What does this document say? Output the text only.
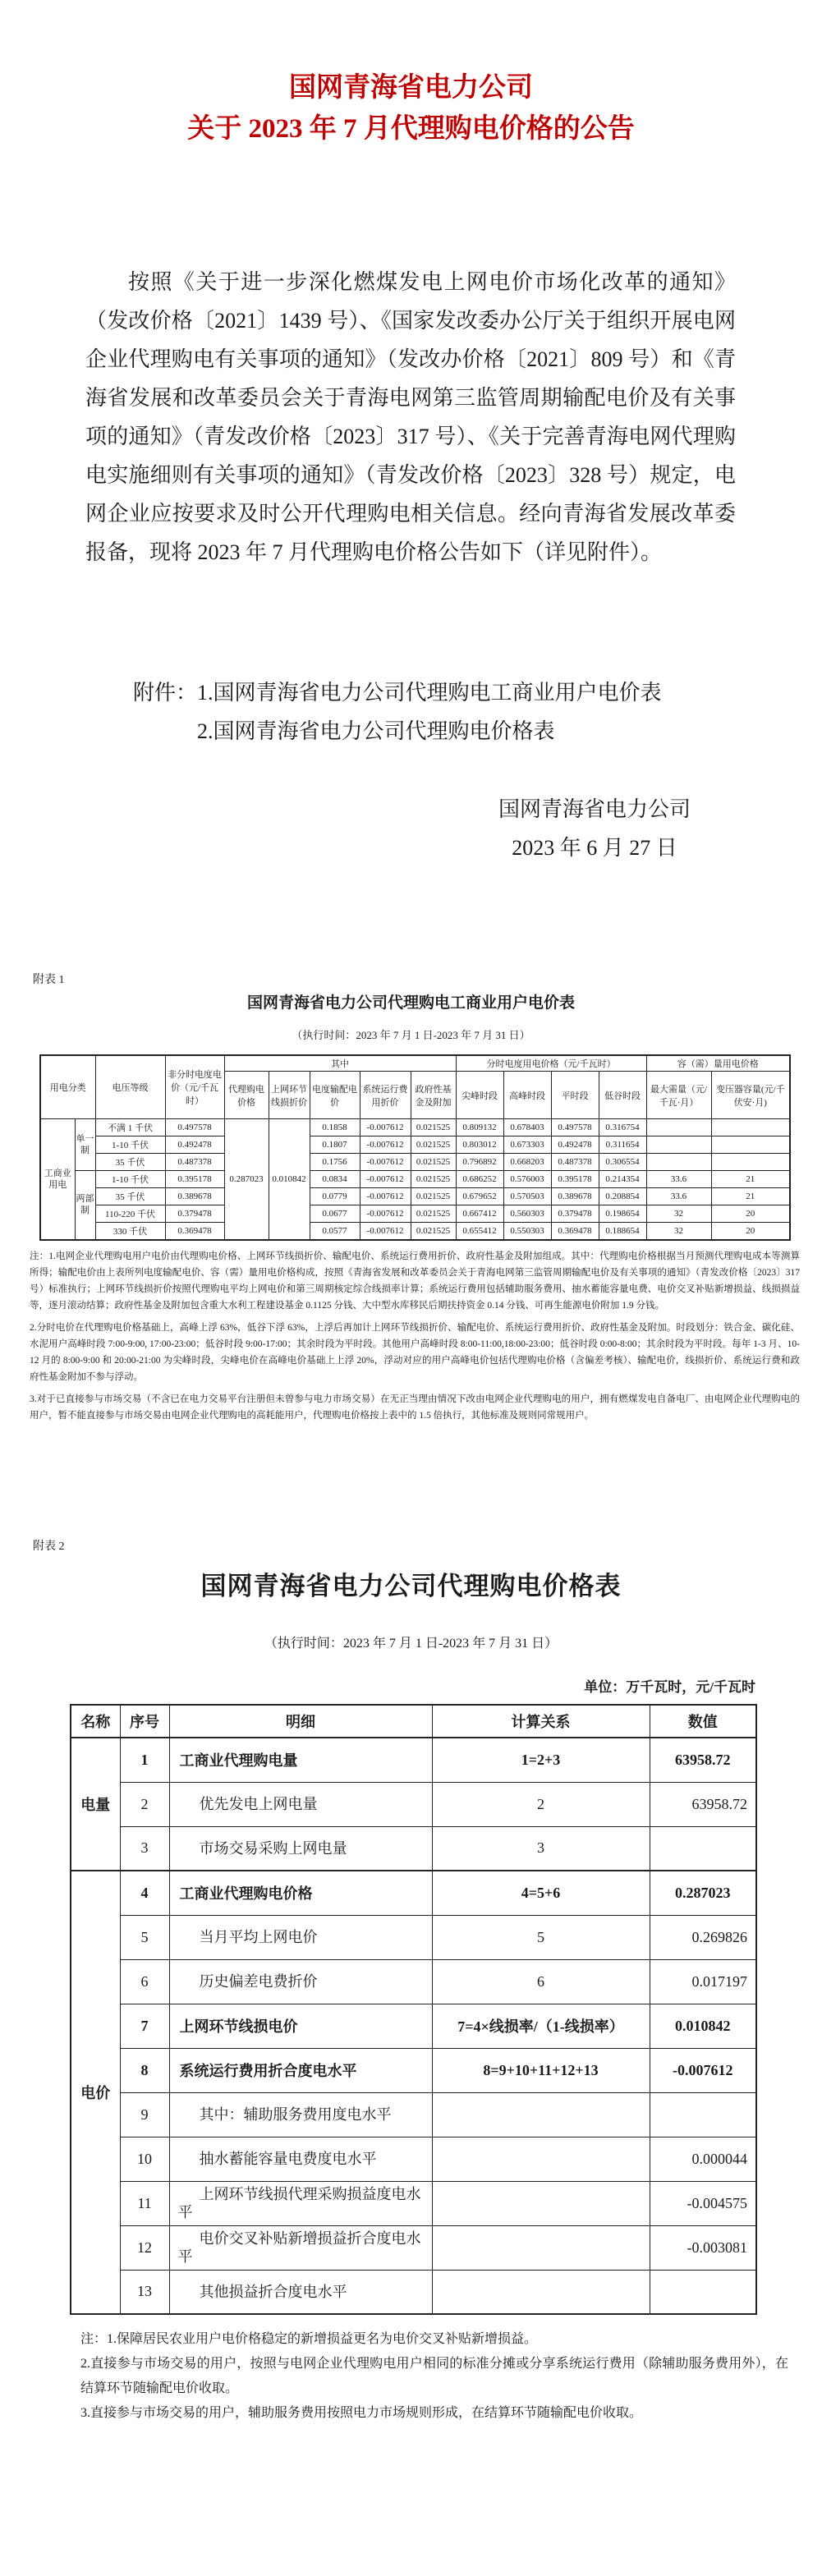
国网青海省电力公司
关于 2023 年 7 月代理购电价格的公告
按照《关于进一步深化燃煤发电上网电价市场化改革的通知》（发改价格〔2021〕1439 号）、《国家发改委办公厅关于组织开展电网企业代理购电有关事项的通知》（发改办价格〔2021〕809 号）和《青海省发展和改革委员会关于青海电网第三监管周期输配电价及有关事项的通知》（青发改价格〔2023〕317 号）、《关于完善青海电网代理购电实施细则有关事项的通知》（青发改价格〔2023〕328 号）规定，电网企业应按要求及时公开代理购电相关信息。经向青海省发展改革委报备，现将 2023 年 7 月代理购电价格公告如下（详见附件）。
附件：1.国网青海省电力公司代理购电工商业用户电价表
2.国网青海省电力公司代理购电价格表
国网青海省电力公司
2023 年 6 月 27 日
附表 1
国网青海省电力公司代理购电工商业用户电价表
（执行时间：2023 年 7 月 1 日-2023 年 7 月 31 日）
用电分类		电压等级	非分时电度电价（元/千瓦时）	其中					分时电度用电价格（元/千瓦时）				容（需）量用电价格	
				代理购电价格	上网环节线损折价	电度输配电价	系统运行费用折价	政府性基金及附加	尖峰时段	高峰时段	平时段	低谷时段	最大需量（元/千瓦·月）	变压器容量(元/千伏安·月)
工商业用电	单一制	不满 1 千伏	0.497578	0.287023	0.010842	0.1858	-0.007612	0.021525	0.809132	0.678403	0.497578	0.316754		
		1-10 千伏	0.492478			0.1807	-0.007612	0.021525	0.803012	0.673303	0.492478	0.311654		
		35 千伏	0.487378			0.1756	-0.007612	0.021525	0.796892	0.668203	0.487378	0.306554		
	两部制	1-10 千伏	0.395178			0.0834	-0.007612	0.021525	0.686252	0.576003	0.395178	0.214354	33.6	21
		35 千伏	0.389678			0.0779	-0.007612	0.021525	0.679652	0.570503	0.389678	0.208854	33.6	21
		110-220 千伏	0.379478			0.0677	-0.007612	0.021525	0.667412	0.560303	0.379478	0.198654	32	20
		330 千伏	0.369478			0.0577	-0.007612	0.021525	0.655412	0.550303	0.369478	0.188654	32	20

注：1.电网企业代理购电用户电价由代理购电价格、上网环节线损折价、输配电价、系统运行费用折价、政府性基金及附加组成。其中：代理购电价格根据当月预测代理购电成本等测算所得；输配电价由上表所列电度输配电价、容（需）量用电价格构成，按照《青海省发展和改革委员会关于青海电网第三监管周期输配电价及有关事项的通知》（青发改价格〔2023〕317 号）标准执行；上网环节线损折价按照代理购电平均上网电价和第三周期核定综合线损率计算；系统运行费用包括辅助服务费用、抽水蓄能容量电费、电价交叉补贴新增损益、线损损益等，逐月滚动结算；政府性基金及附加包含重大水利工程建设基金 0.1125 分钱、大中型水库移民后期扶持资金 0.14 分钱、可再生能源电价附加 1.9 分钱。

2.分时电价在代理购电价格基础上，高峰上浮 63%，低谷下浮 63%，上浮后再加计上网环节线损折价、输配电价、系统运行费用折价、政府性基金及附加。时段划分：铁合金、碳化硅、水泥用户高峰时段 7:00-9:00, 17:00-23:00；低谷时段 9:00-17:00；其余时段为平时段。其他用户高峰时段 8:00-11:00,18:00-23:00；低谷时段 0:00-8:00；其余时段为平时段。每年 1-3 月、10-12 月的 8:00-9:00 和 20:00-21:00 为尖峰时段，尖峰电价在高峰电价基础上上浮 20%，浮动对应的用户高峰电价包括代理购电价格（含偏差考核）、输配电价，线损折价、系统运行费和政府性基金附加不参与浮动。

3.对于已直接参与市场交易（不含已在电力交易平台注册但未曾参与电力市场交易）在无正当理由情况下改由电网企业代理购电的用户，拥有燃煤发电自备电厂、由电网企业代理购电的用户，暂不能直接参与市场交易由电网企业代理购电的高耗能用户，代理购电价格按上表中的 1.5 倍执行，其他标准及规则同常规用户。

附表 2
国网青海省电力公司代理购电价格表
（执行时间：2023 年 7 月 1 日-2023 年 7 月 31 日）
单位：万千瓦时，元/千瓦时
名称	序号	明细	计算关系	数值
电量	1	工商业代理购电量	1=2+3	63958.72
	2	优先发电上网电量	2	63958.72
	3	市场交易采购上网电量	3	
电价	4	工商业代理购电价格	4=5+6	0.287023
	5	当月平均上网电价	5	0.269826
	6	历史偏差电费折价	6	0.017197
	7	上网环节线损电价	7=4×线损率/（1-线损率）	0.010842
	8	系统运行费用折合度电水平	8=9+10+11+12+13	-0.007612
	9	其中：辅助服务费用度电水平		
	10	抽水蓄能容量电费度电水平		0.000044
	11	上网环节线损代理采购损益度电水平		-0.004575
	12	电价交叉补贴新增损益折合度电水平		-0.003081
	13	其他损益折合度电水平		

注：1.保障居民农业用户电价格稳定的新增损益更名为电价交叉补贴新增损益。

2.直接参与市场交易的用户，按照与电网企业代理购电用户相同的标准分摊或分享系统运行费用（除辅助服务费用外），在结算环节随输配电价收取。

3.直接参与市场交易的用户，辅助服务费用按照电力市场规则形成，在结算环节随输配电价收取。
